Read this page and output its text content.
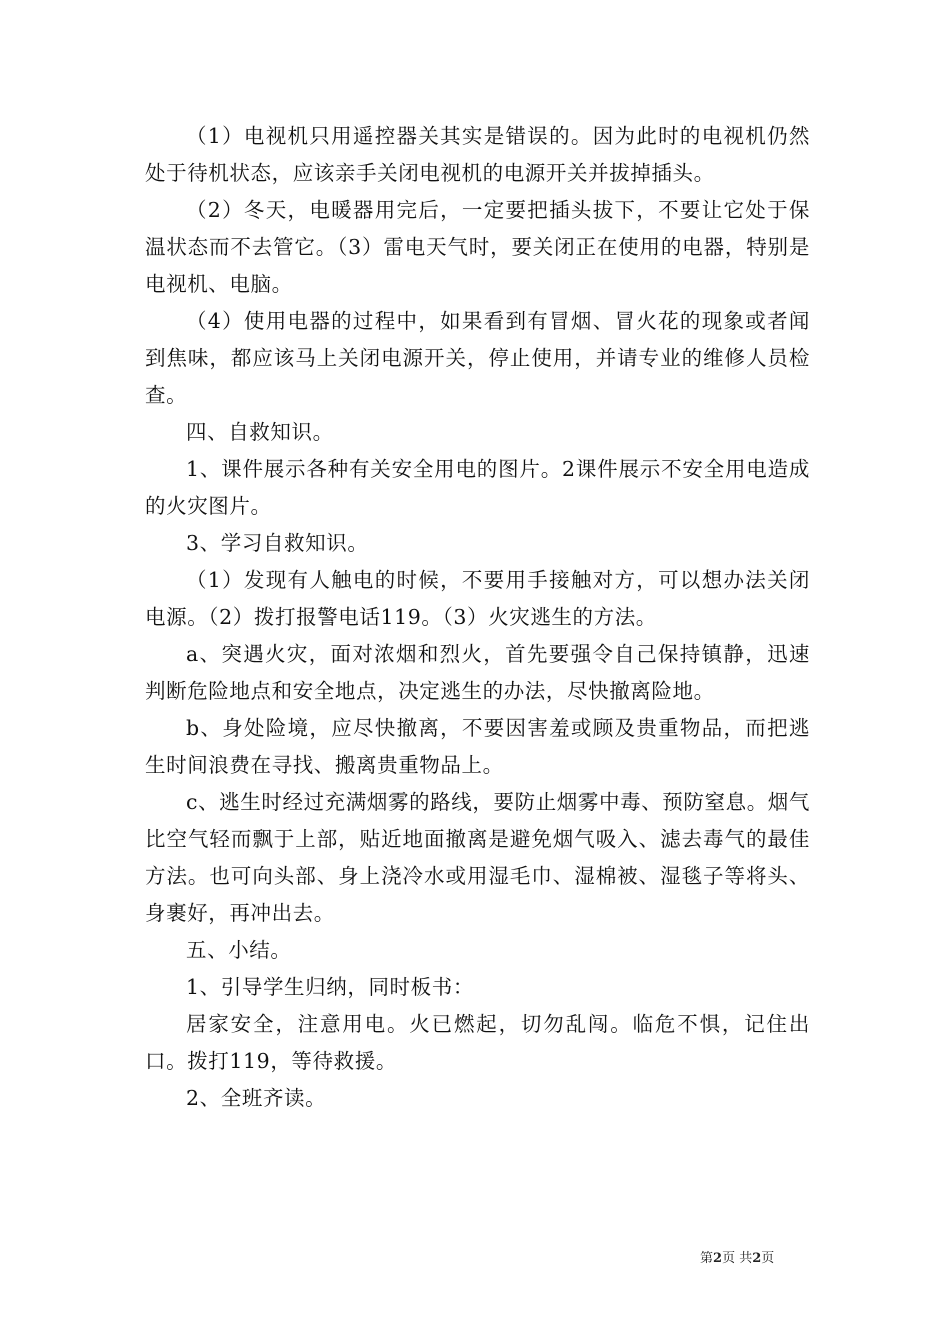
（1）电视机只用遥控器关其实是错误的。因为此时的电视机仍然处于待机状态，应该亲手关闭电视机的电源开关并拔掉插头。

（2）冬天，电暖器用完后，一定要把插头拔下，不要让它处于保温状态而不去管它。（3）雷电天气时，要关闭正在使用的电器，特别是电视机、电脑。

（4）使用电器的过程中，如果看到有冒烟、冒火花的现象或者闻到焦味，都应该马上关闭电源开关，停止使用，并请专业的维修人员检查。

四、自救知识。

1、课件展示各种有关安全用电的图片。2课件展示不安全用电造成的火灾图片。

3、学习自救知识。

（1）发现有人触电的时候，不要用手接触对方，可以想办法关闭电源。（2）拨打报警电话119。（3）火灾逃生的方法。

a、突遇火灾，面对浓烟和烈火，首先要强令自己保持镇静，迅速判断危险地点和安全地点，决定逃生的办法，尽快撤离险地。

b、身处险境，应尽快撤离，不要因害羞或顾及贵重物品，而把逃生时间浪费在寻找、搬离贵重物品上。

c、逃生时经过充满烟雾的路线，要防止烟雾中毒、预防窒息。烟气比空气轻而飘于上部，贴近地面撤离是避免烟气吸入、滤去毒气的最佳方法。也可向头部、身上浇冷水或用湿毛巾、湿棉被、湿毯子等将头、身裹好，再冲出去。

五、小结。

1、引导学生归纳，同时板书：

居家安全，注意用电。火已燃起，切勿乱闯。临危不惧，记住出口。拨打119，等待救援。

2、全班齐读。

第2页 共2页
